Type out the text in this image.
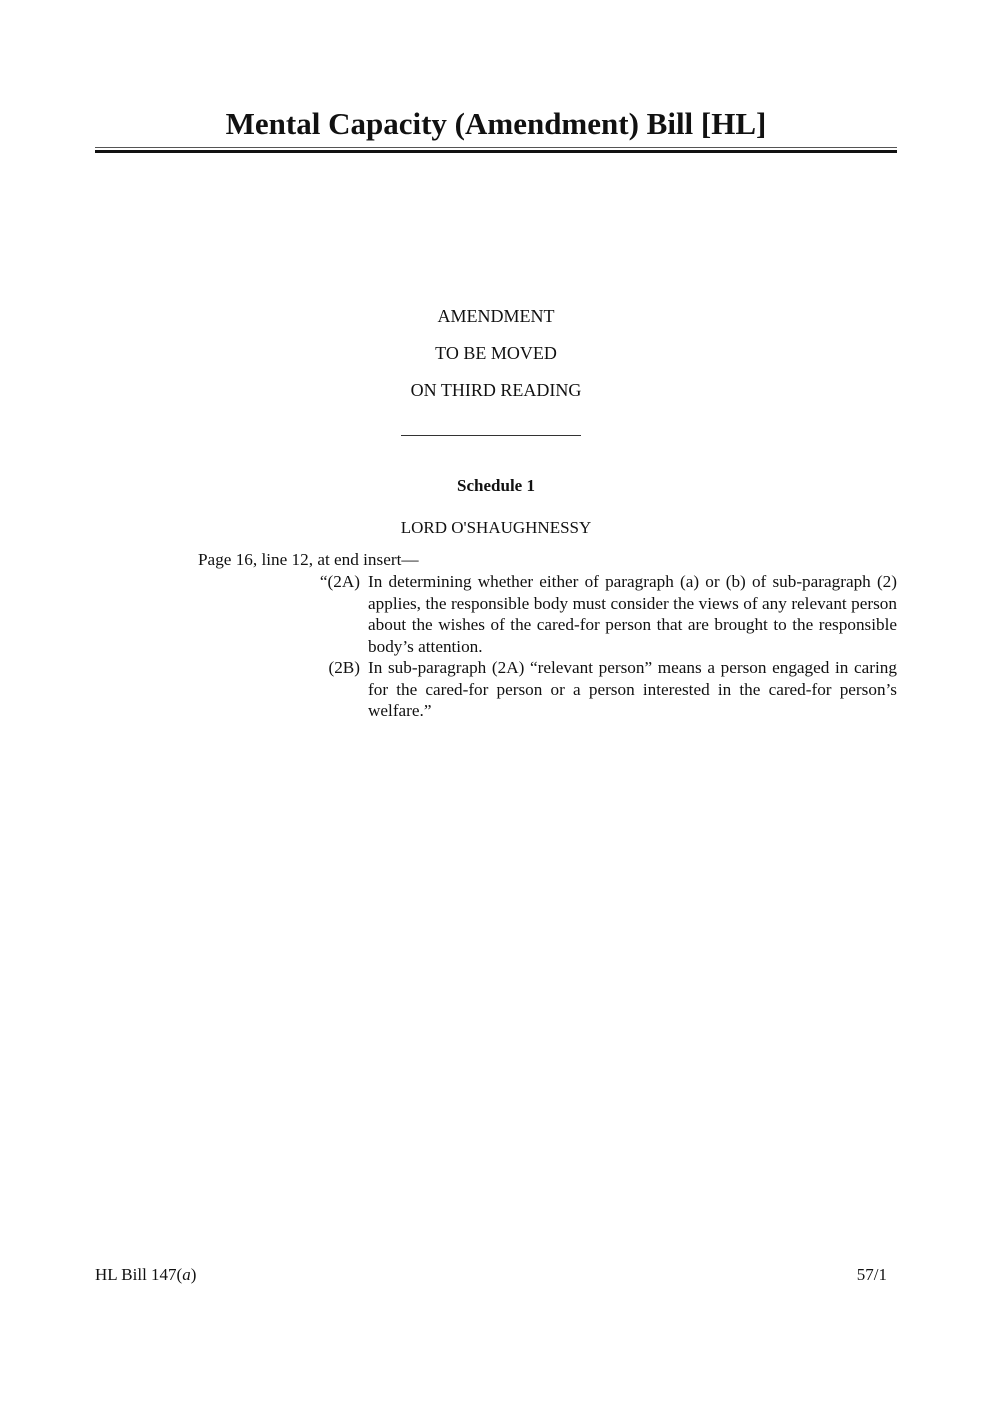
Mental Capacity (Amendment) Bill [HL]
AMENDMENT
TO BE MOVED
ON THIRD READING
Schedule 1
LORD O'SHAUGHNESSY
Page 16, line 12, at end insert—
“(2A) In determining whether either of paragraph (a) or (b) of sub-paragraph (2) applies, the responsible body must consider the views of any relevant person about the wishes of the cared-for person that are brought to the responsible body’s attention.
(2B) In sub-paragraph (2A) “relevant person” means a person engaged in caring for the cared-for person or a person interested in the cared-for person’s welfare.”
HL Bill 147(a)	57/1
